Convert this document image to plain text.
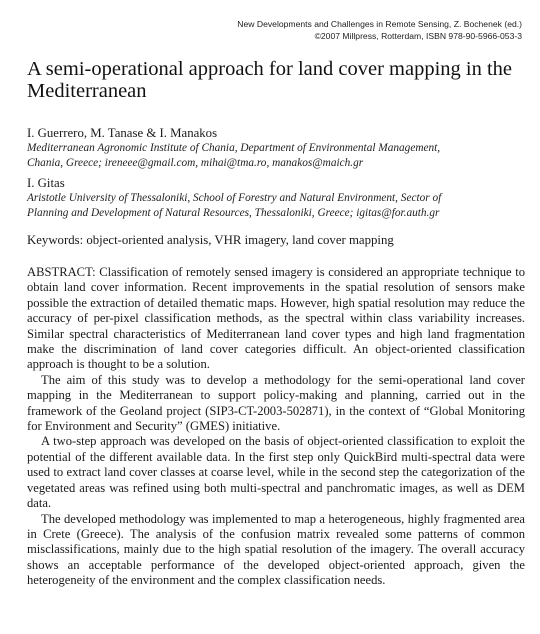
New Developments and Challenges in Remote Sensing, Z. Bochenek (ed.)
©2007 Millpress, Rotterdam, ISBN 978-90-5966-053-3
A semi-operational approach for land cover mapping in the
Mediterranean
I. Guerrero, M. Tanase & I. Manakos
Mediterranean Agronomic Institute of Chania, Department of Environmental Management,
Chania, Greece; ireneee@gmail.com, mihai@tma.ro, manakos@maich.gr
I. Gitas
Aristotle University of Thessaloniki, School of Forestry and Natural Environment, Sector of
Planning and Development of Natural Resources, Thessaloniki, Greece; igitas@for.auth.gr
Keywords: object-oriented analysis, VHR imagery, land cover mapping

ABSTRACT: Classification of remotely sensed imagery is considered an appropriate technique to obtain land cover information. Recent improvements in the spatial resolution of sensors make possible the extraction of detailed thematic maps. However, high spatial resolution may reduce the accuracy of per-pixel classification methods, as the spectral within class variability increases. Similar spectral characteristics of Mediterranean land cover types and high land fragmentation make the discrimination of land cover categories difficult. An object-oriented classification approach is thought to be a solution.

The aim of this study was to develop a methodology for the semi-operational land cover mapping in the Mediterranean to support policy-making and planning, carried out in the framework of the Geoland project (SIP3-CT-2003-502871), in the context of “Global Monitoring for Environment and Security” (GMES) initiative.

A two-step approach was developed on the basis of object-oriented classification to exploit the potential of the different available data. In the first step only QuickBird multi-spectral data were used to extract land cover classes at coarse level, while in the second step the categorization of the vegetated areas was refined using both multi-spectral and panchromatic images, as well as DEM data.

The developed methodology was implemented to map a heterogeneous, highly fragmented area in Crete (Greece). The analysis of the confusion matrix revealed some patterns of common misclassifications, mainly due to the high spatial resolution of the imagery. The overall accuracy shows an acceptable performance of the developed object-oriented approach, given the heterogeneity of the environment and the complex classification needs.
